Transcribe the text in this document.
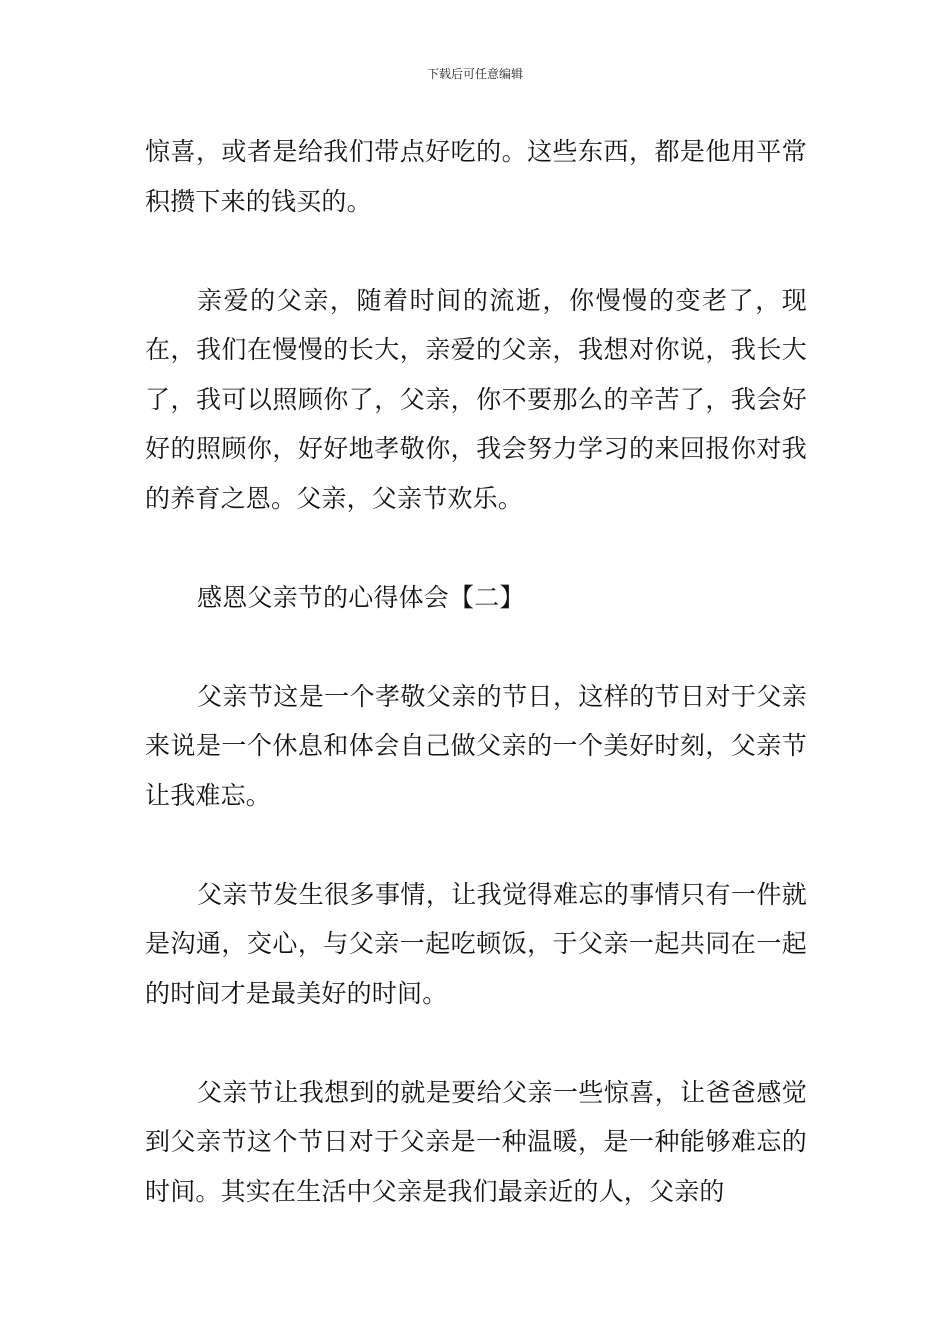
下载后可任意编辑

惊喜，或者是给我们带点好吃的。这些东西，都是他用平常积攒下来的钱买的。

亲爱的父亲，随着时间的流逝，你慢慢的变老了，现在，我们在慢慢的长大，亲爱的父亲，我想对你说，我长大了，我可以照顾你了，父亲，你不要那么的辛苦了，我会好好的照顾你，好好地孝敬你，我会努力学习的来回报你对我的养育之恩。父亲，父亲节欢乐。

感恩父亲节的心得体会【二】

父亲节这是一个孝敬父亲的节日，这样的节日对于父亲来说是一个休息和体会自己做父亲的一个美好时刻，父亲节让我难忘。

父亲节发生很多事情，让我觉得难忘的事情只有一件就是沟通，交心，与父亲一起吃顿饭，于父亲一起共同在一起的时间才是最美好的时间。

父亲节让我想到的就是要给父亲一些惊喜，让爸爸感觉到父亲节这个节日对于父亲是一种温暖，是一种能够难忘的时间。其实在生活中父亲是我们最亲近的人，父亲的
